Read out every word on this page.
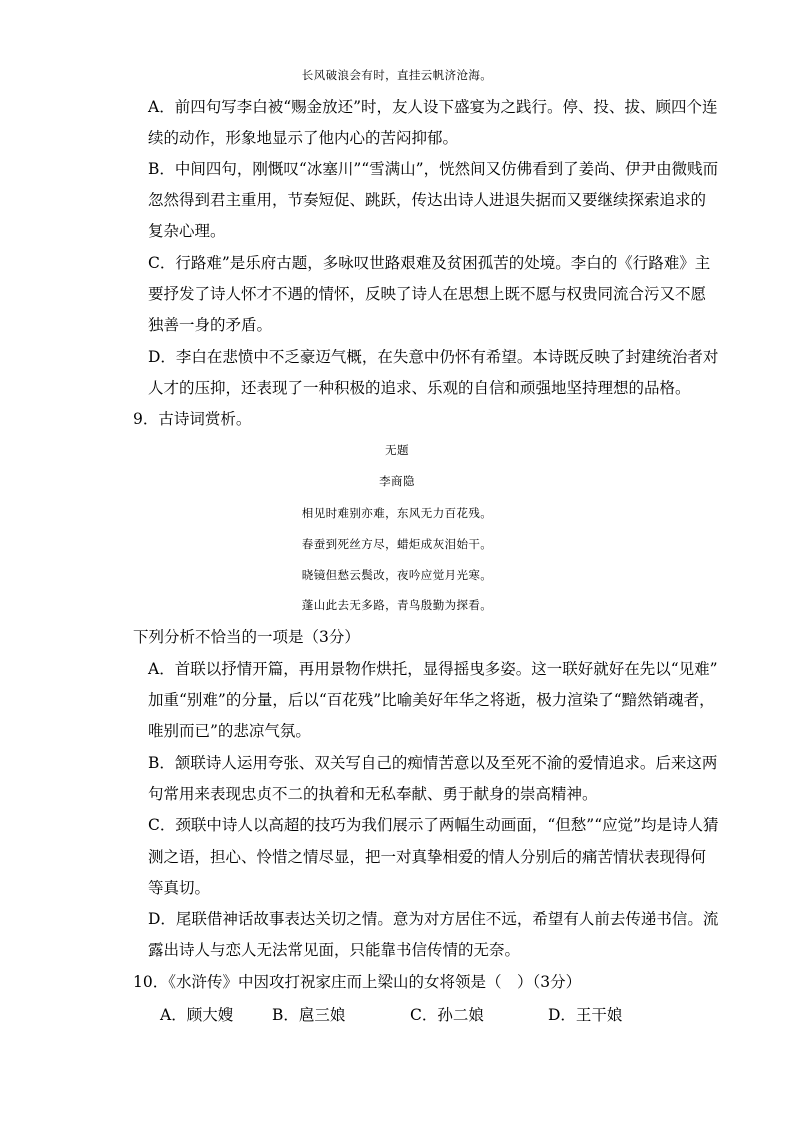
长风破浪会有时，直挂云帆济沧海。
A．前四句写李白被“赐金放还”时，友人设下盛宴为之践行。停、投、拔、顾四个连
续的动作，形象地显示了他内心的苦闷抑郁。
B．中间四句，刚慨叹“冰塞川”“雪满山”，恍然间又仿佛看到了姜尚、伊尹由微贱而
忽然得到君主重用，节奏短促、跳跃，传达出诗人进退失据而又要继续探索追求的
复杂心理。
C．行路难”是乐府古题，多咏叹世路艰难及贫困孤苦的处境。李白的《行路难》主
要抒发了诗人怀才不遇的情怀，反映了诗人在思想上既不愿与权贵同流合污又不愿
独善一身的矛盾。
D．李白在悲愤中不乏豪迈气概，在失意中仍怀有希望。本诗既反映了封建统治者对
人才的压抑，还表现了一种积极的追求、乐观的自信和顽强地坚持理想的品格。
9．古诗词赏析。
无题
李商隐
相见时难别亦难，东风无力百花残。
春蚕到死丝方尽，蜡炬成灰泪始干。
晓镜但愁云鬓改，夜吟应觉月光寒。
蓬山此去无多路，青鸟殷勤为探看。
下列分析不恰当的一项是（3分）
A．首联以抒情开篇，再用景物作烘托，显得摇曳多姿。这一联好就好在先以“见难”
加重“别难”的分量，后以“百花残”比喻美好年华之将逝，极力渲染了“黯然销魂者，
唯别而已”的悲凉气氛。
B．颔联诗人运用夸张、双关写自己的痴情苦意以及至死不渝的爱情追求。后来这两
句常用来表现忠贞不二的执着和无私奉献、勇于献身的崇高精神。
C．颈联中诗人以高超的技巧为我们展示了两幅生动画面，“但愁”“应觉”均是诗人猜
测之语，担心、怜惜之情尽显，把一对真挚相爱的情人分别后的痛苦情状表现得何
等真切。
D．尾联借神话故事表达关切之情。意为对方居住不远，希望有人前去传递书信。流
露出诗人与恋人无法常见面，只能靠书信传情的无奈。
10．《水浒传》中因攻打祝家庄而上梁山的女将领是（　）（3分）
A．顾大嫂	B．扈三娘	C．孙二娘	D．王干娘
